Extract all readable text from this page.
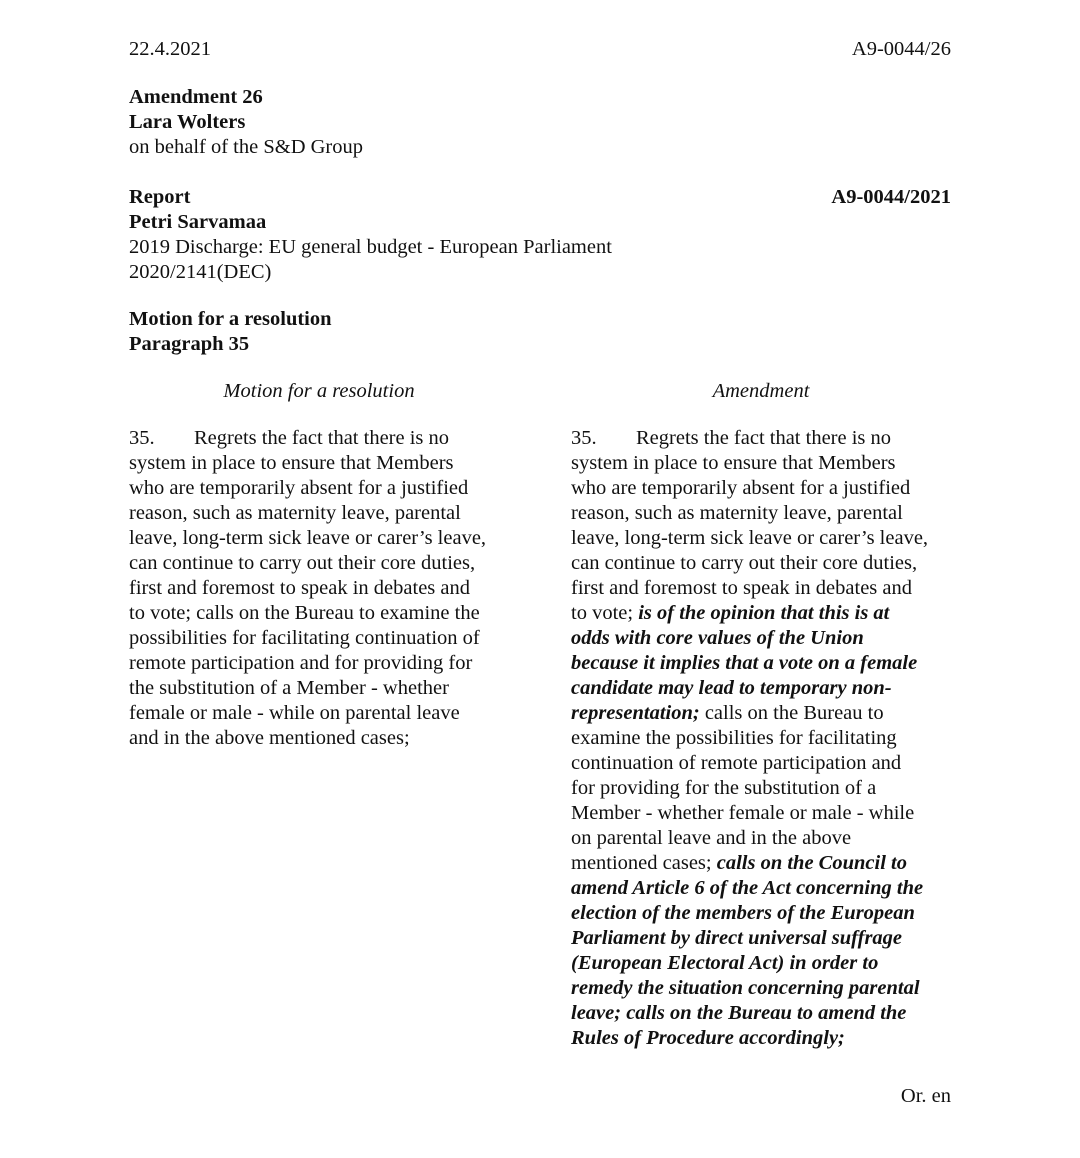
22.4.2021	A9-0044/26
Amendment 26
Lara Wolters
on behalf of the S&D Group
Report
Petri Sarvamaa
2019 Discharge: EU general budget - European Parliament
2020/2141(DEC)
A9-0044/2021
Motion for a resolution
Paragraph 35
Motion for a resolution	Amendment
35. Regrets the fact that there is no
system in place to ensure that Members
who are temporarily absent for a justified
reason, such as maternity leave, parental
leave, long-term sick leave or carer’s leave,
can continue to carry out their core duties,
first and foremost to speak in debates and
to vote; calls on the Bureau to examine the
possibilities for facilitating continuation of
remote participation and for providing for
the substitution of a Member - whether
female or male - while on parental leave
and in the above mentioned cases;
35. Regrets the fact that there is no
system in place to ensure that Members
who are temporarily absent for a justified
reason, such as maternity leave, parental
leave, long-term sick leave or carer’s leave,
can continue to carry out their core duties,
first and foremost to speak in debates and
to vote; is of the opinion that this is at
odds with core values of the Union
because it implies that a vote on a female
candidate may lead to temporary non-
representation; calls on the Bureau to
examine the possibilities for facilitating
continuation of remote participation and
for providing for the substitution of a
Member - whether female or male - while
on parental leave and in the above
mentioned cases; calls on the Council to
amend Article 6 of the Act concerning the
election of the members of the European
Parliament by direct universal suffrage
(European Electoral Act) in order to
remedy the situation concerning parental
leave; calls on the Bureau to amend the
Rules of Procedure accordingly;
Or. en
